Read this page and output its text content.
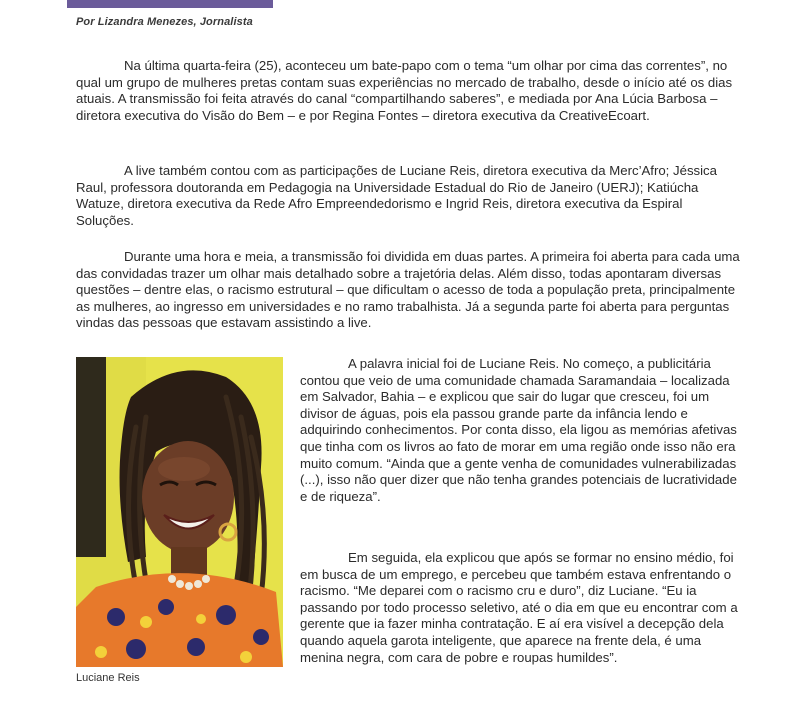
Por Lizandra Menezes, Jornalista

Na última quarta-feira (25), aconteceu um bate-papo com o tema “um olhar por cima das correntes”, no qual um grupo de mulheres pretas contam suas experiências no mercado de trabalho, desde o início até os dias atuais. A transmissão foi feita através do canal “compartilhando saberes”, e mediada por Ana Lúcia Barbosa – diretora executiva do Visão do Bem – e por Regina Fontes – diretora executiva da CreativeEcoart.

A live também contou com as participações de Luciane Reis, diretora executiva da Merc’Afro; Jéssica Raul, professora doutoranda em Pedagogia na Universidade Estadual do Rio de Janeiro (UERJ); Katiúcha Watuze, diretora executiva da Rede Afro Empreendedorismo e Ingrid Reis, diretora executiva da Espiral Soluções.

Durante uma hora e meia, a transmissão foi dividida em duas partes. A primeira foi aberta para cada uma das convidadas trazer um olhar mais detalhado sobre a trajetória delas. Além disso, todas apontaram diversas questões – dentre elas, o racismo estrutural – que dificultam o acesso de toda a população preta, principalmente as mulheres, ao ingresso em universidades e no ramo trabalhista. Já a segunda parte foi aberta para perguntas vindas das pessoas que estavam assistindo a live.

Luciane Reis

A palavra inicial foi de Luciane Reis. No começo, a publicitária contou que veio de uma comunidade chamada Saramandaia – localizada em Salvador, Bahia – e explicou que sair do lugar que cresceu, foi um divisor de águas, pois ela passou grande parte da infância lendo e adquirindo conhecimentos. Por conta disso, ela ligou as memórias afetivas que tinha com os livros ao fato de morar em uma região onde isso não era muito comum. “Ainda que a gente venha de comunidades vulnerabilizadas (...), isso não quer dizer que não tenha grandes potenciais de lucratividade e de riqueza”.

Em seguida, ela explicou que após se formar no ensino médio, foi em busca de um emprego, e percebeu que também estava enfrentando o racismo. “Me deparei com o racismo cru e duro”, diz Luciane. “Eu ia passando por todo processo seletivo, até o dia em que eu encontrar com a gerente que ia fazer minha contratação. E aí era visível a decepção dela quando aquela garota inteligente, que aparece na frente dela, é uma menina negra, com cara de pobre e roupas humildes”.
